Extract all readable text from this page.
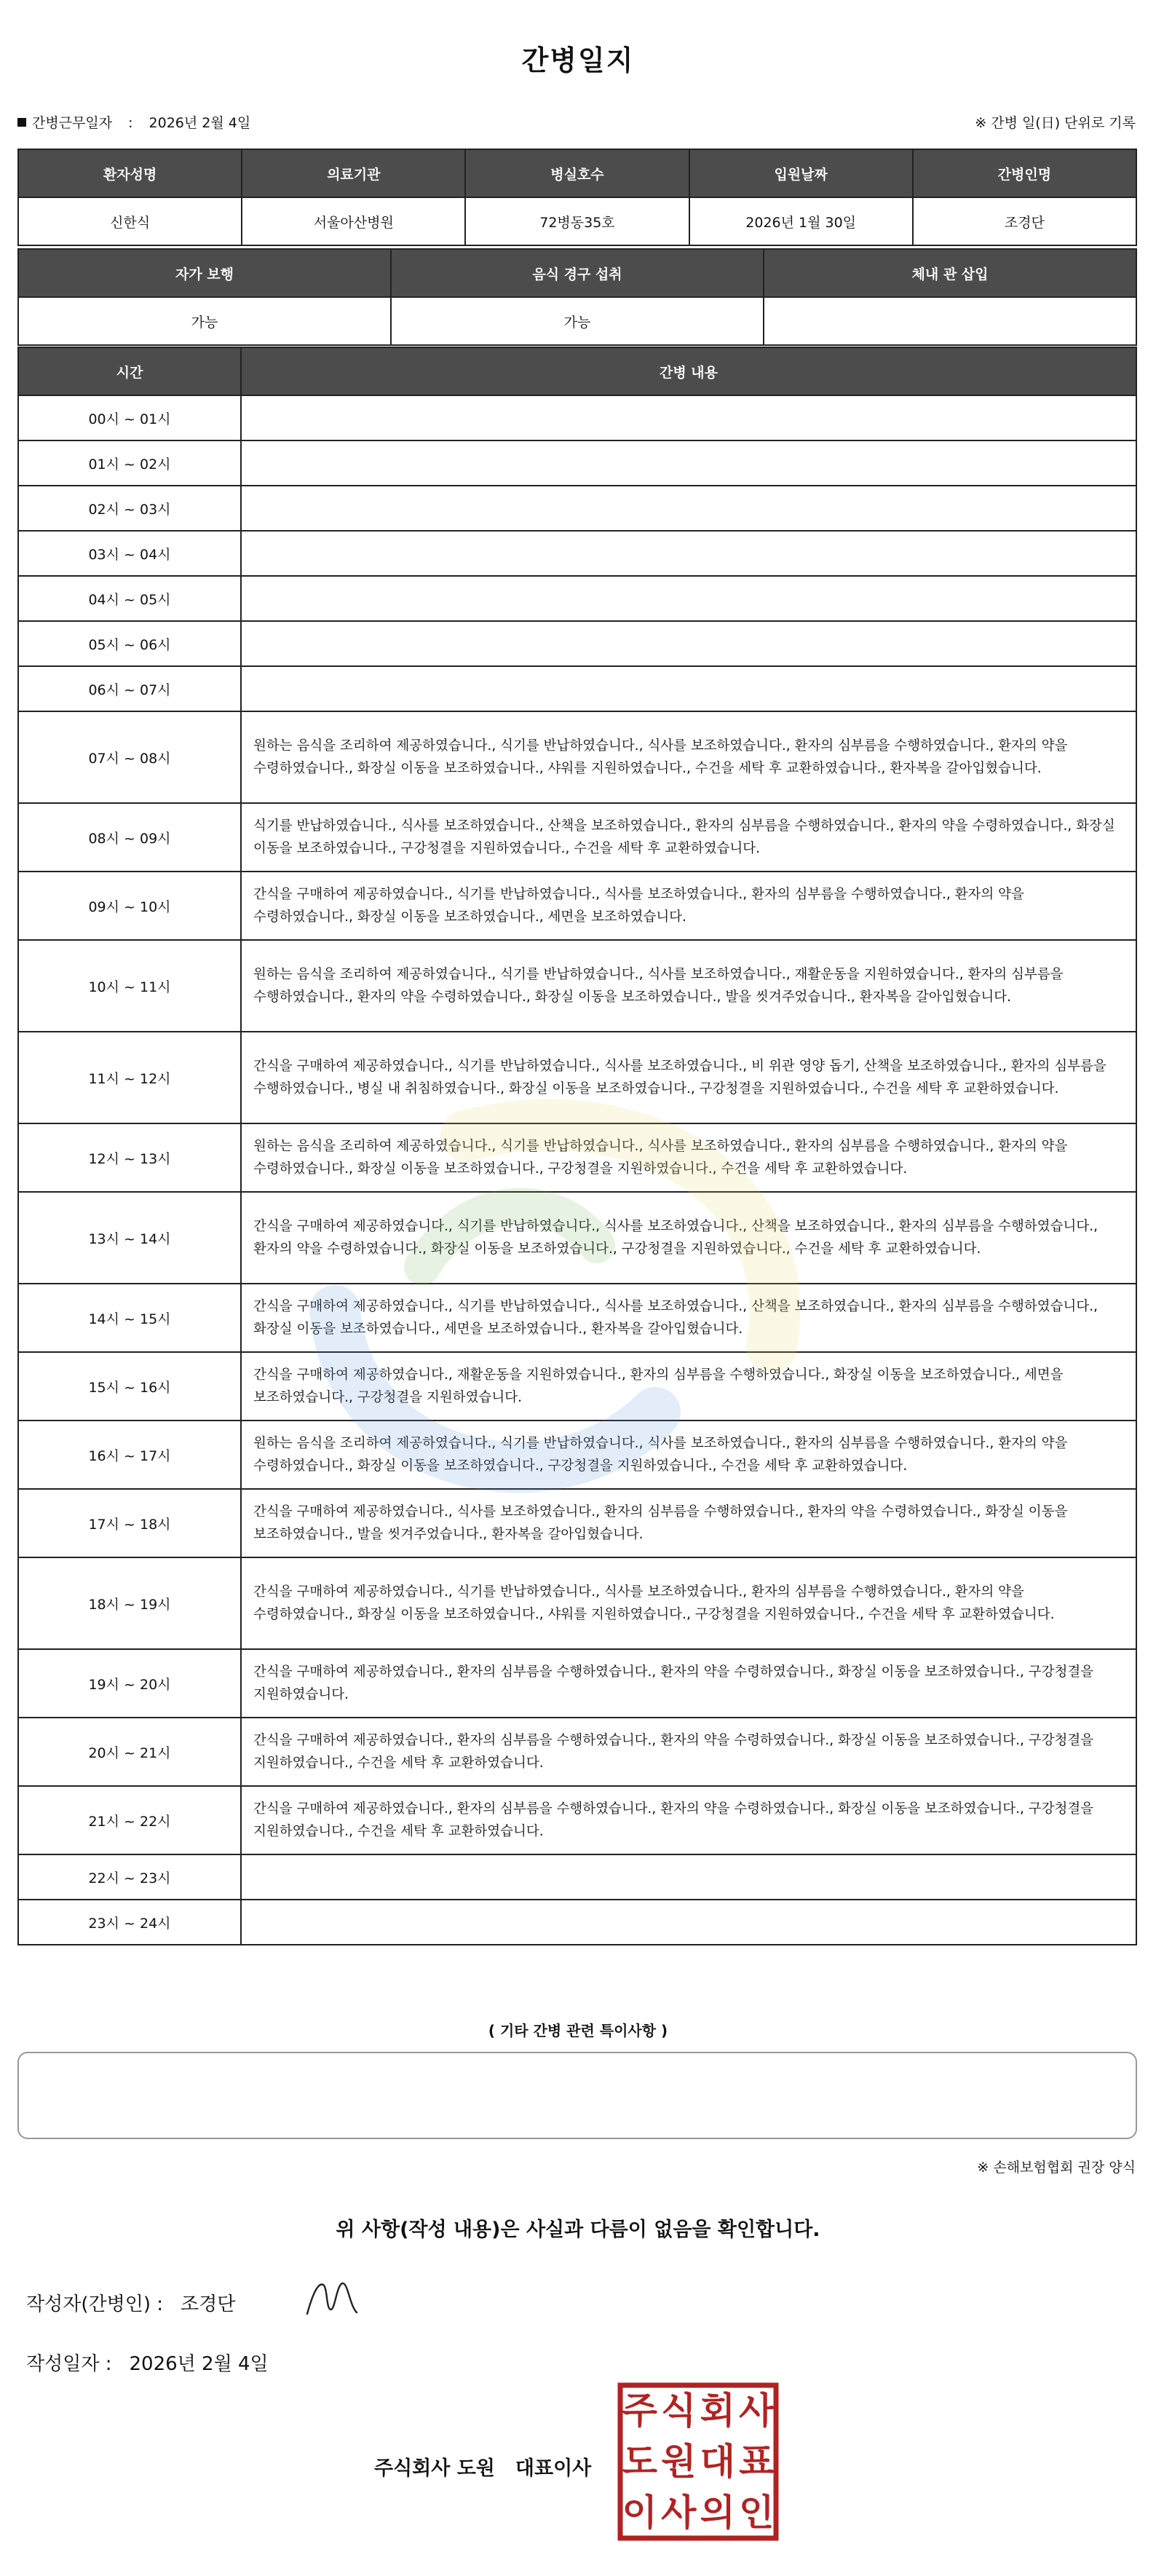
간병일지
간병근무일자 : 2026년 2월 4일	※ 간병 일(日) 단위로 기록
환자성명	의료기관	병실호수	입원날짜	간병인명
신한식	서울아산병원	72병동35호	2026년 1월 30일	조경단
자가 보행	음식 경구 섭취	체내 관 삽입
가능	가능	
시간	간병 내용
00시 ~ 01시	
01시 ~ 02시	
02시 ~ 03시	
03시 ~ 04시	
04시 ~ 05시	
05시 ~ 06시	
06시 ~ 07시	
07시 ~ 08시	원하는 음식을 조리하여 제공하였습니다., 식기를 반납하였습니다., 식사를 보조하였습니다., 환자의 심부름을 수행하였습니다., 환자의 약을 수령하였습니다., 화장실 이동을 보조하였습니다., 샤워를 지원하였습니다., 수건을 세탁 후 교환하였습니다., 환자복을 갈아입혔습니다.
08시 ~ 09시	식기를 반납하였습니다., 식사를 보조하였습니다., 산책을 보조하였습니다., 환자의 심부름을 수행하였습니다., 환자의 약을 수령하였습니다., 화장실 이동을 보조하였습니다., 구강청결을 지원하였습니다., 수건을 세탁 후 교환하였습니다.
09시 ~ 10시	간식을 구매하여 제공하였습니다., 식기를 반납하였습니다., 식사를 보조하였습니다., 환자의 심부름을 수행하였습니다., 환자의 약을 수령하였습니다., 화장실 이동을 보조하였습니다., 세면을 보조하였습니다.
10시 ~ 11시	원하는 음식을 조리하여 제공하였습니다., 식기를 반납하였습니다., 식사를 보조하였습니다., 재활운동을 지원하였습니다., 환자의 심부름을 수행하였습니다., 환자의 약을 수령하였습니다., 화장실 이동을 보조하였습니다., 발을 씻겨주었습니다., 환자복을 갈아입혔습니다.
11시 ~ 12시	간식을 구매하여 제공하였습니다., 식기를 반납하였습니다., 식사를 보조하였습니다., 비 위관 영양 돕기, 산책을 보조하였습니다., 환자의 심부름을 수행하였습니다., 병실 내 취침하였습니다., 화장실 이동을 보조하였습니다., 구강청결을 지원하였습니다., 수건을 세탁 후 교환하였습니다.
12시 ~ 13시	원하는 음식을 조리하여 제공하였습니다., 식기를 반납하였습니다., 식사를 보조하였습니다., 환자의 심부름을 수행하였습니다., 환자의 약을 수령하였습니다., 화장실 이동을 보조하였습니다., 구강청결을 지원하였습니다., 수건을 세탁 후 교환하였습니다.
13시 ~ 14시	간식을 구매하여 제공하였습니다., 식기를 반납하였습니다., 식사를 보조하였습니다., 산책을 보조하였습니다., 환자의 심부름을 수행하였습니다., 환자의 약을 수령하였습니다., 화장실 이동을 보조하였습니다., 구강청결을 지원하였습니다., 수건을 세탁 후 교환하였습니다.
14시 ~ 15시	간식을 구매하여 제공하였습니다., 식기를 반납하였습니다., 식사를 보조하였습니다., 산책을 보조하였습니다., 환자의 심부름을 수행하였습니다., 화장실 이동을 보조하였습니다., 세면을 보조하였습니다., 환자복을 갈아입혔습니다.
15시 ~ 16시	간식을 구매하여 제공하였습니다., 재활운동을 지원하였습니다., 환자의 심부름을 수행하였습니다., 화장실 이동을 보조하였습니다., 세면을 보조하였습니다., 구강청결을 지원하였습니다.
16시 ~ 17시	원하는 음식을 조리하여 제공하였습니다., 식기를 반납하였습니다., 식사를 보조하였습니다., 환자의 심부름을 수행하였습니다., 환자의 약을 수령하였습니다., 화장실 이동을 보조하였습니다., 구강청결을 지원하였습니다., 수건을 세탁 후 교환하였습니다.
17시 ~ 18시	간식을 구매하여 제공하였습니다., 식사를 보조하였습니다., 환자의 심부름을 수행하였습니다., 환자의 약을 수령하였습니다., 화장실 이동을 보조하였습니다., 발을 씻겨주었습니다., 환자복을 갈아입혔습니다.
18시 ~ 19시	간식을 구매하여 제공하였습니다., 식기를 반납하였습니다., 식사를 보조하였습니다., 환자의 심부름을 수행하였습니다., 환자의 약을 수령하였습니다., 화장실 이동을 보조하였습니다., 샤워를 지원하였습니다., 구강청결을 지원하였습니다., 수건을 세탁 후 교환하였습니다.
19시 ~ 20시	간식을 구매하여 제공하였습니다., 환자의 심부름을 수행하였습니다., 환자의 약을 수령하였습니다., 화장실 이동을 보조하였습니다., 구강청결을 지원하였습니다.
20시 ~ 21시	간식을 구매하여 제공하였습니다., 환자의 심부름을 수행하였습니다., 환자의 약을 수령하였습니다., 화장실 이동을 보조하였습니다., 구강청결을 지원하였습니다., 수건을 세탁 후 교환하였습니다.
21시 ~ 22시	간식을 구매하여 제공하였습니다., 환자의 심부름을 수행하였습니다., 환자의 약을 수령하였습니다., 화장실 이동을 보조하였습니다., 구강청결을 지원하였습니다., 수건을 세탁 후 교환하였습니다.
22시 ~ 23시	
23시 ~ 24시	
( 기타 간병 관련 특이사항 )
※ 손해보험협회 권장 양식
위 사항(작성 내용)은 사실과 다름이 없음을 확인합니다.
작성자(간병인) : 조경단
작성일자 : 2026년 2월 4일
주식회사 도원 대표이사
주 식 회 사
도 원 대 표
이 사 의 인
